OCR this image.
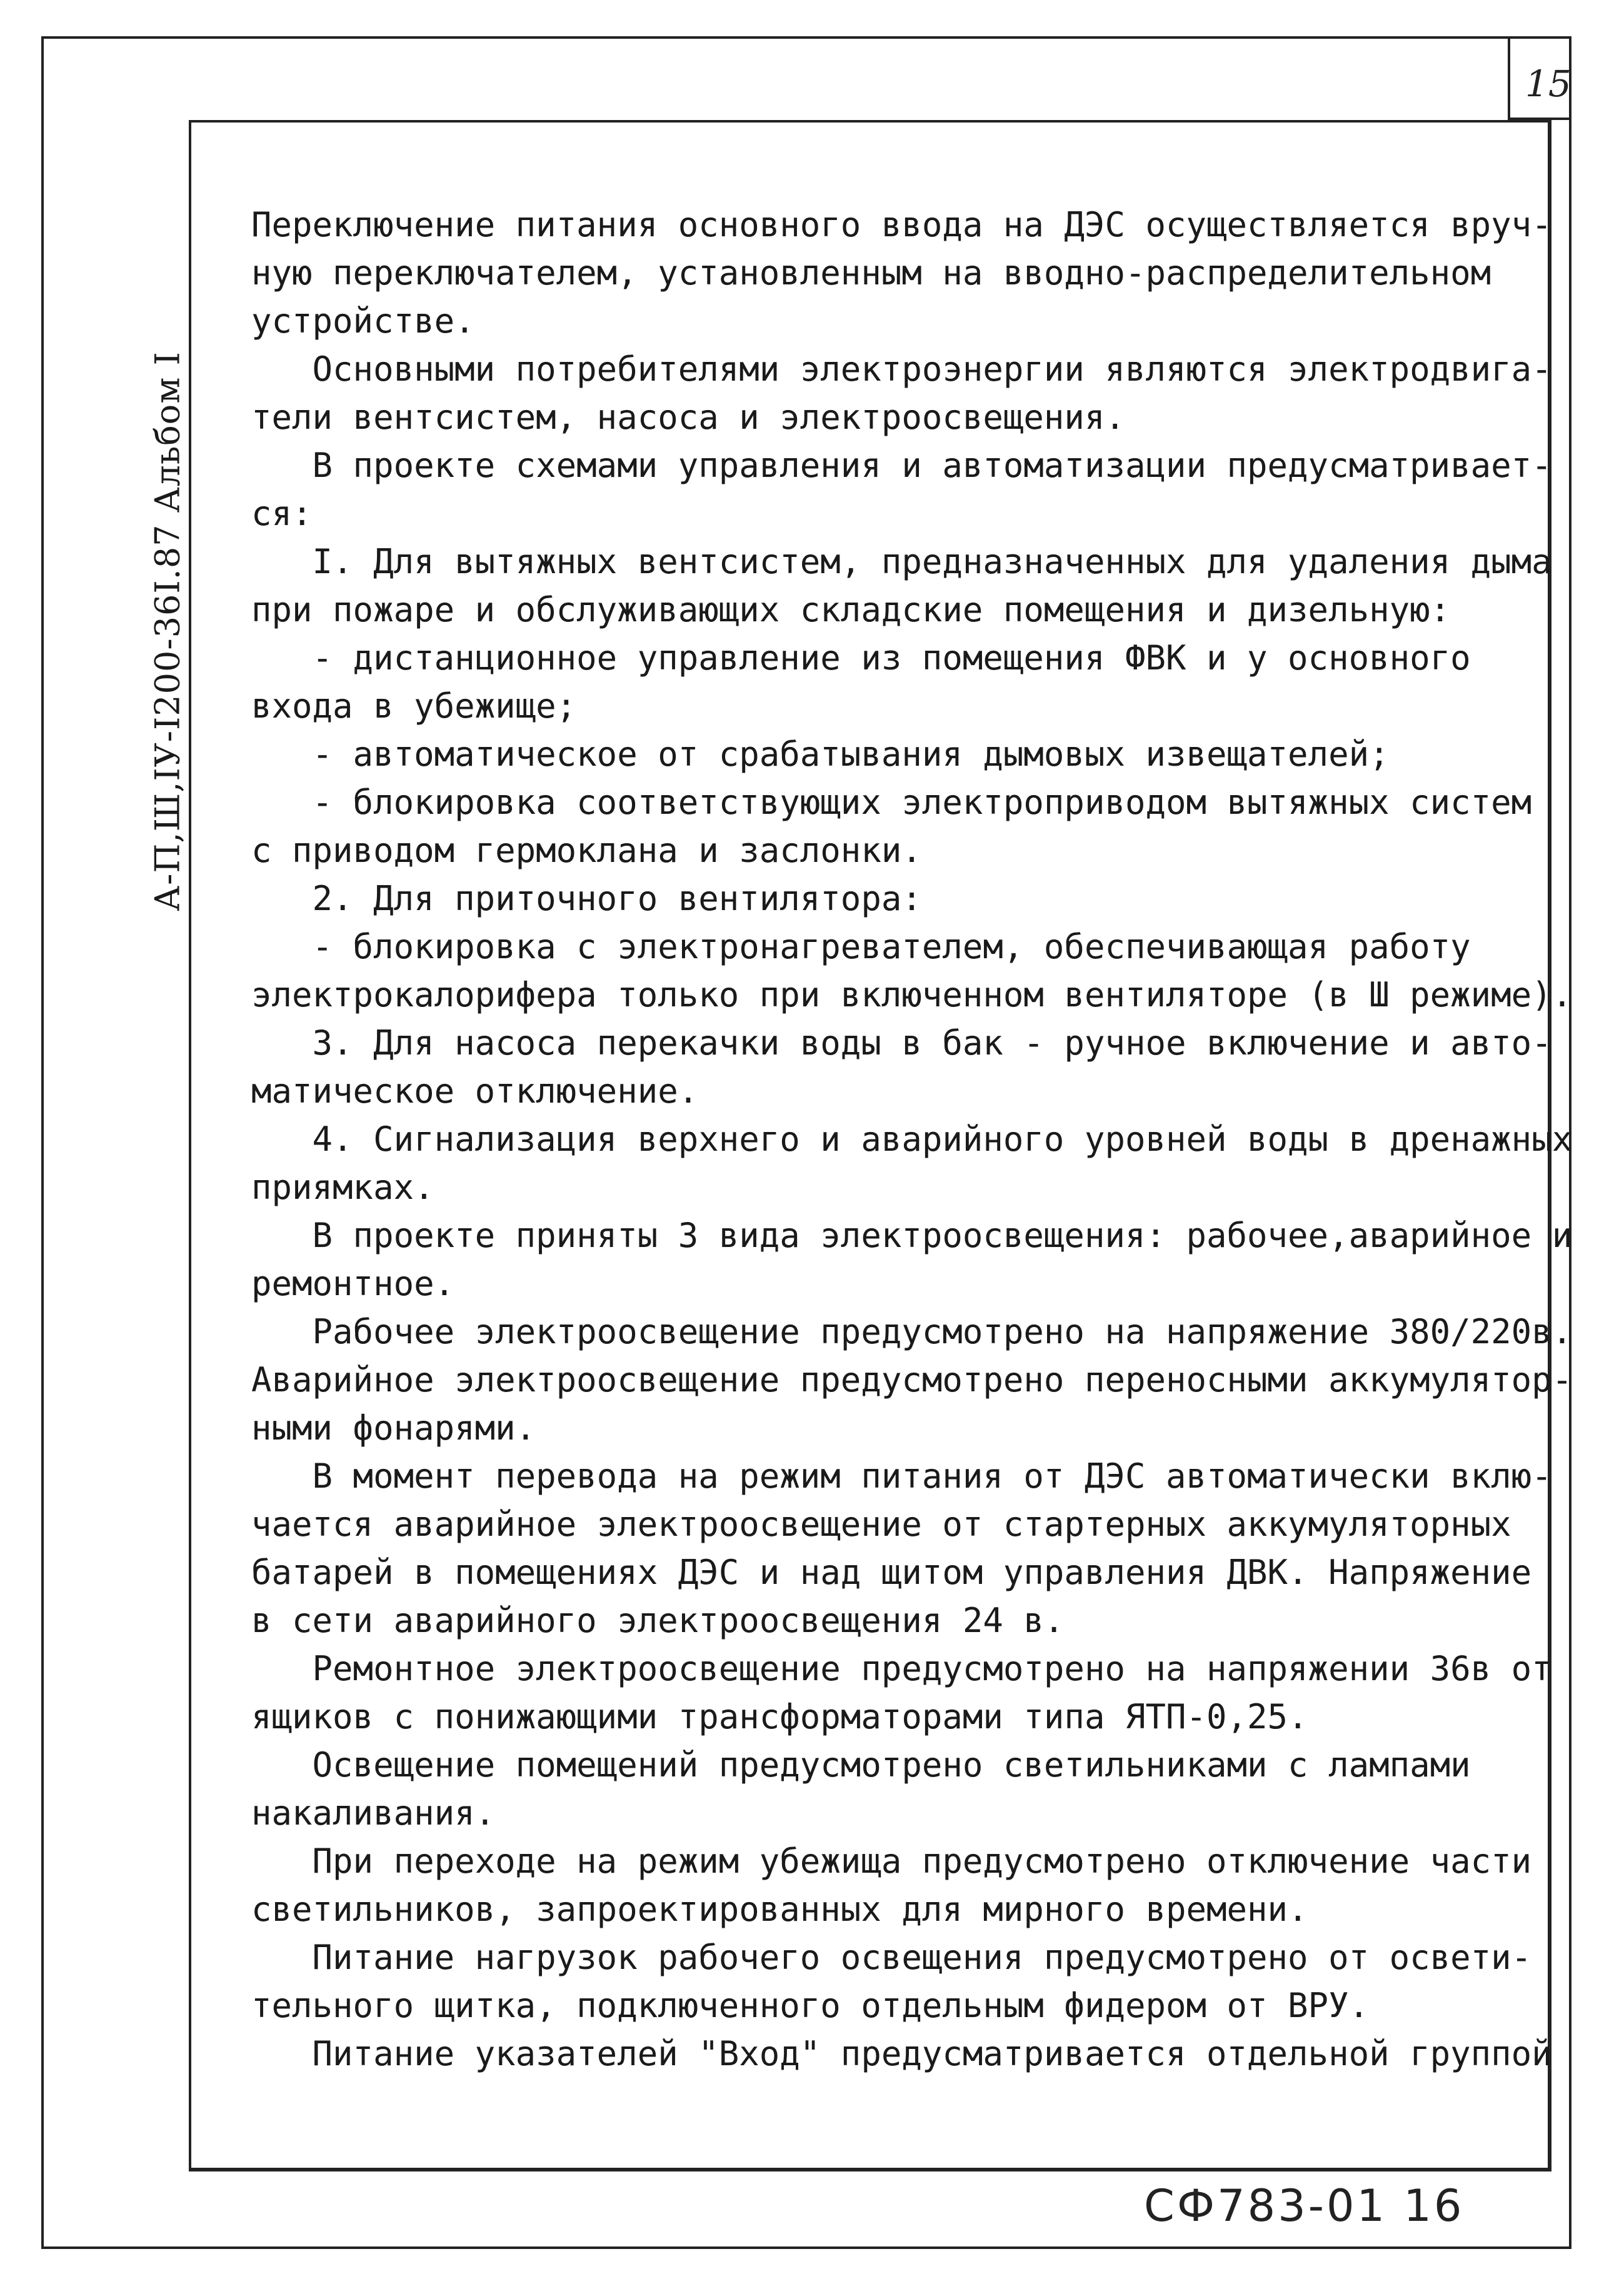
15
А-П,Ш,IУ-I200-36I.87 Альбом I
Переключение питания основного ввода на ДЭС осуществляется вруч-
ную переключателем, установленным на вводно-распределительном
устройстве.
Основными потребителями электроэнергии являются электродвига-
тели вентсистем, насоса и электроосвещения.
В проекте схемами управления и автоматизации предусматривает-
ся:
I. Для вытяжных вентсистем, предназначенных для удаления дыма
при пожаре и обслуживающих складские помещения и дизельную:
- дистанционное управление из помещения ФВК и у основного
входа в убежище;
- автоматическое от срабатывания дымовых извещателей;
- блокировка соответствующих электроприводом вытяжных систем
с приводом гермоклана и заслонки.
2. Для приточного вентилятора:
- блокировка с электронагревателем, обеспечивающая работу
электрокалорифера только при включенном вентиляторе (в Ш режиме).
3. Для насоса перекачки воды в бак - ручное включение и авто-
матическое отключение.
4. Сигнализация верхнего и аварийного уровней воды в дренажных
приямках.
В проекте приняты 3 вида электроосвещения: рабочее,аварийное и
ремонтное.
Рабочее электроосвещение предусмотрено на напряжение 380/220в.
Аварийное электроосвещение предусмотрено переносными аккумулятор-
ными фонарями.
В момент перевода на режим питания от ДЭС автоматически вклю-
чается аварийное электроосвещение от стартерных аккумуляторных
батарей в помещениях ДЭС и над щитом управления ДВК. Напряжение
в сети аварийного электроосвещения 24 в.
Ремонтное электроосвещение предусмотрено на напряжении 36в от
ящиков с понижающими трансформаторами типа ЯТП-0,25.
Освещение помещений предусмотрено светильниками с лампами
накаливания.
При переходе на режим убежища предусмотрено отключение части
светильников, запроектированных для мирного времени.
Питание нагрузок рабочего освещения предусмотрено от освети-
тельного щитка, подключенного отдельным фидером от ВРУ.
Питание указателей "Вход" предусматривается отдельной группой
СФ783-01 16
